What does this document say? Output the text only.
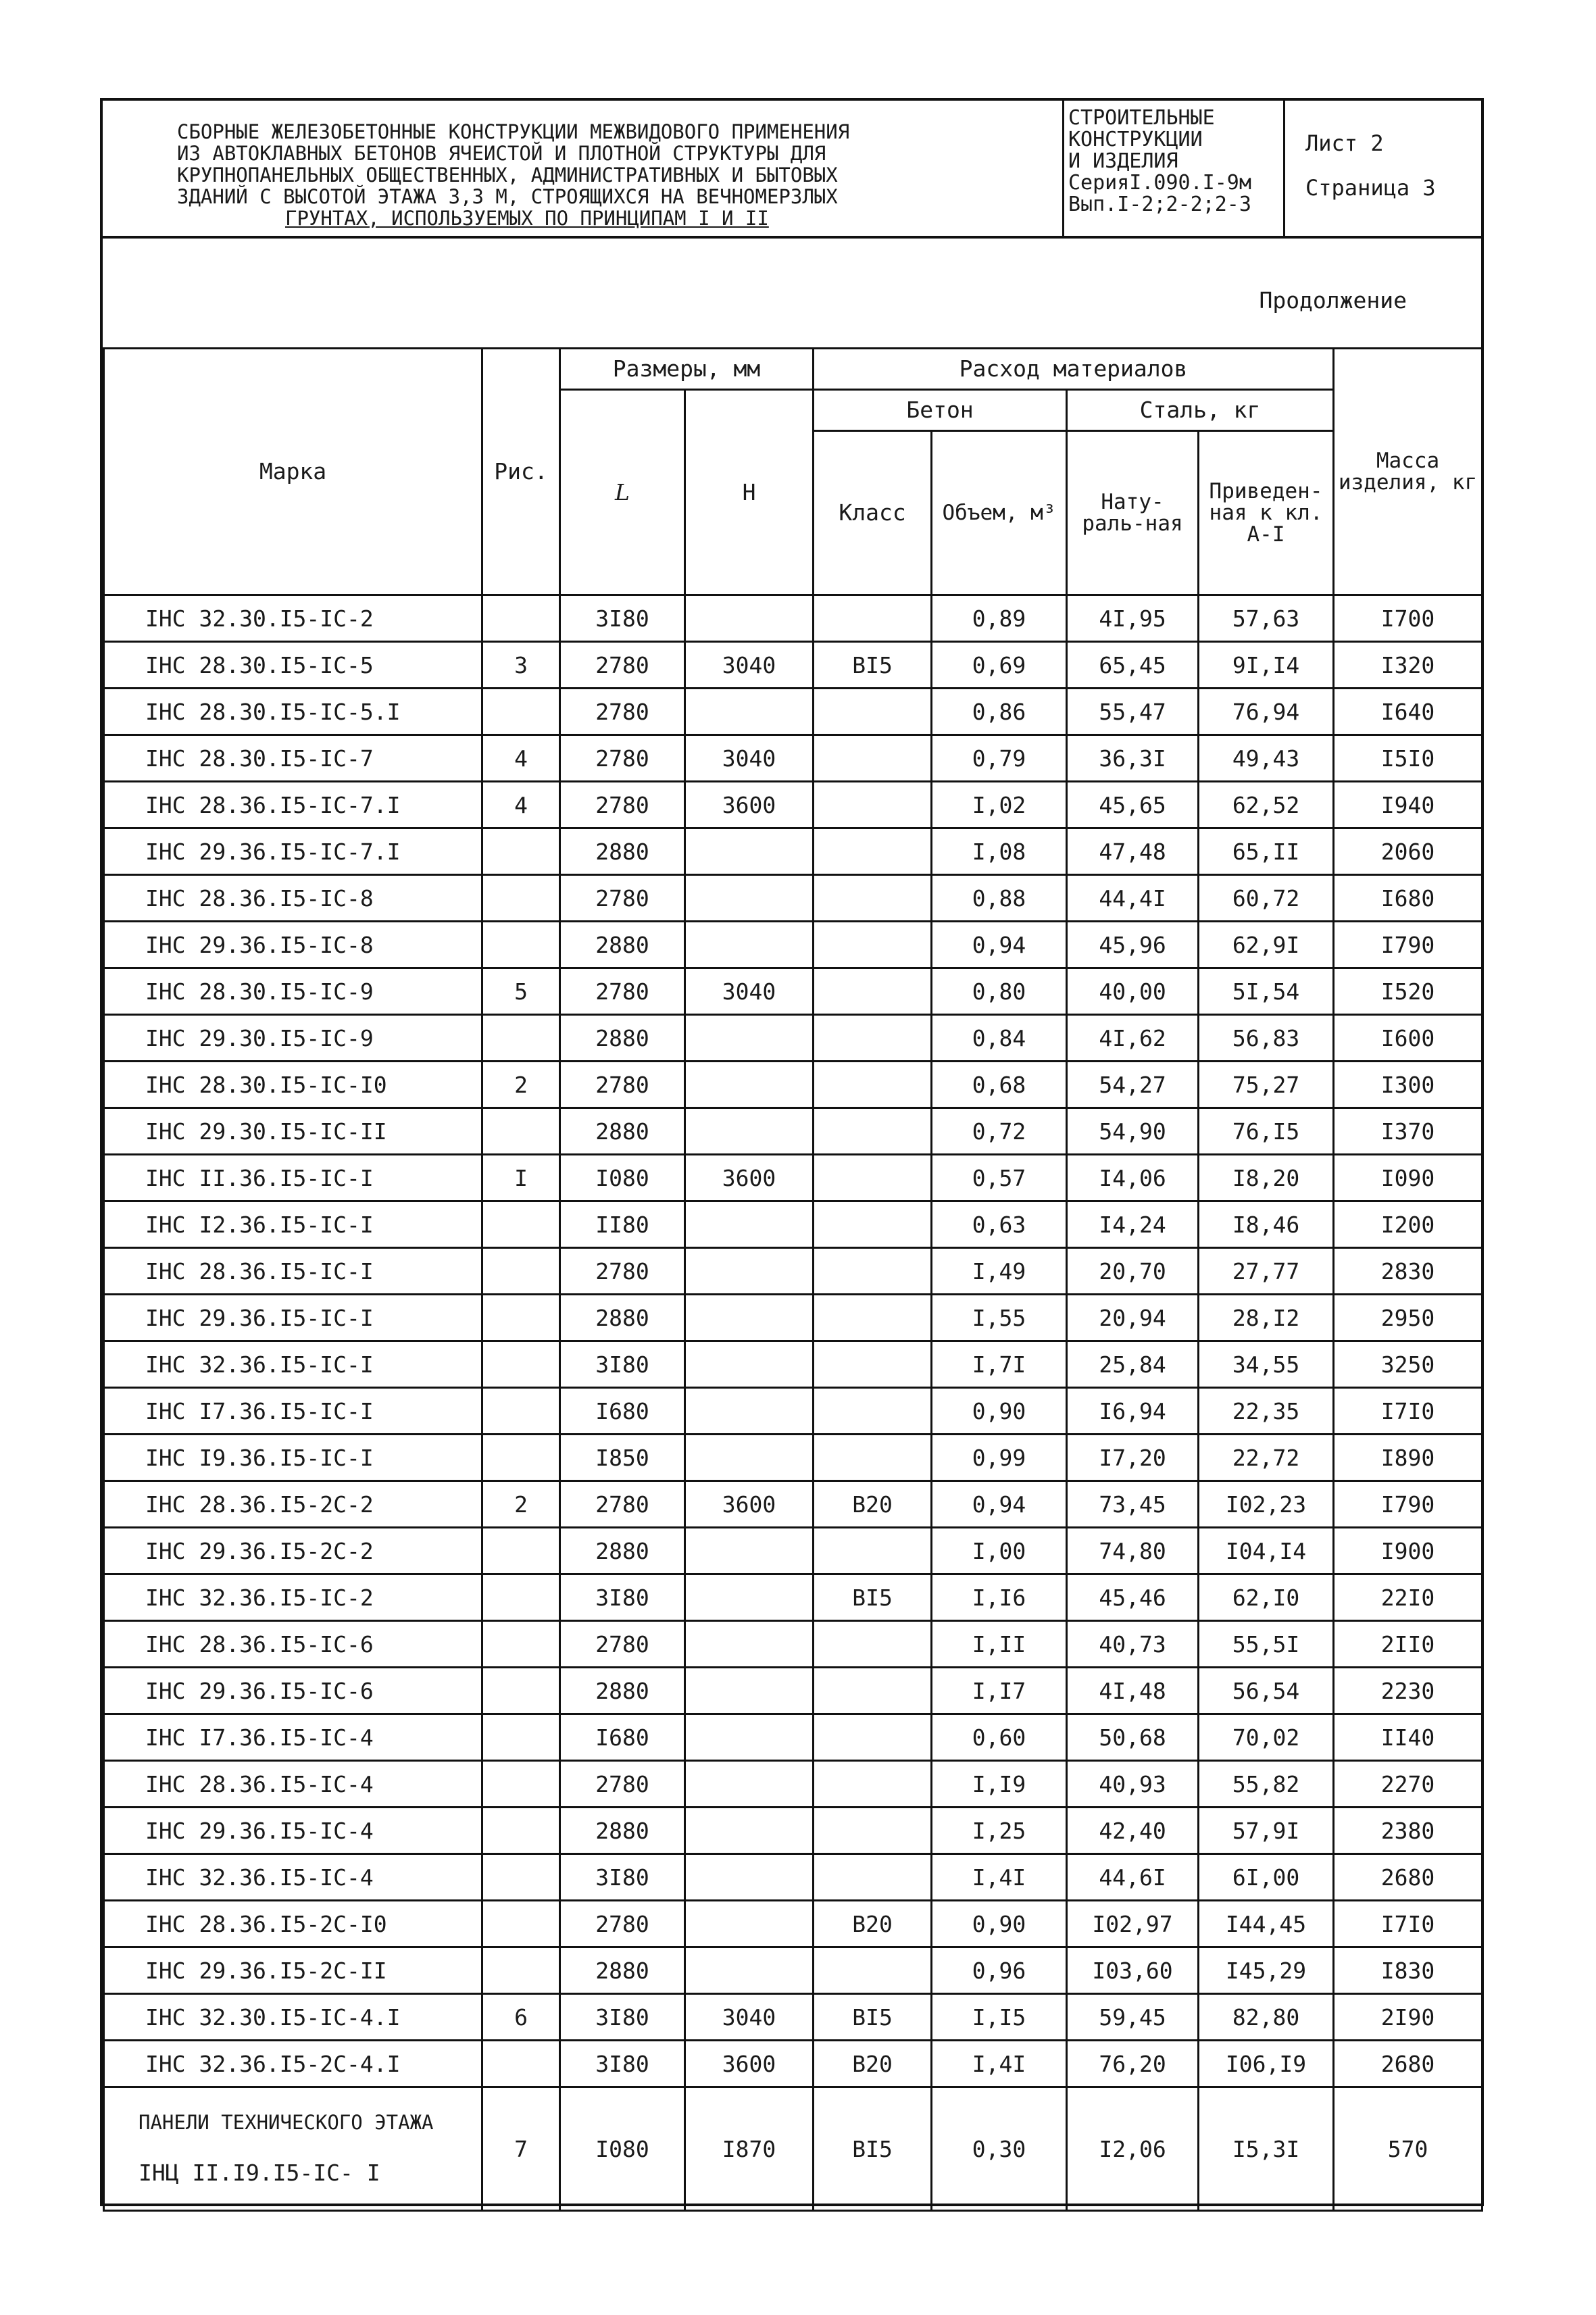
СБОРНЫЕ ЖЕЛЕЗОБЕТОННЫЕ КОНСТРУКЦИИ МЕЖВИДОВОГО ПРИМЕНЕНИЯ
ИЗ АВТОКЛАВНЫХ БЕТОНОВ ЯЧЕИСТОЙ И ПЛОТНОЙ СТРУКТУРЫ ДЛЯ
КРУПНОПАНЕЛЬНЫХ ОБЩЕСТВЕННЫХ, АДМИНИСТРАТИВНЫХ И БЫТОВЫХ
ЗДАНИЙ С ВЫСОТОЙ ЭТАЖА 3,3 М, СТРОЯЩИХСЯ НА ВЕЧНОМЕРЗЛЫХ
ГРУНТАХ, ИСПОЛЬЗУЕМЫХ ПО ПРИНЦИПАМ I И II
СТРОИТЕЛЬНЫЕ
КОНСТРУКЦИИ
И ИЗДЕЛИЯ
СерияI.090.I-9м
Вып.I-2;2-2;2-3
Лист 2
Страница 3
Продолжение
Марка	Рис.	Размеры, мм		Расход материалов				Масса изделия, кг
		L	H	Бетон		Сталь, кг		
				Класс	Объем, м³	Нату-раль-ная	Приведен-ная к кл. А-I	
IНС 32.30.I5-IC-2		3I80			0,89	4I,95	57,63	I700
IНС 28.30.I5-IC-5	3	2780	3040	BI5	0,69	65,45	9I,I4	I320
IНС 28.30.I5-IC-5.I		2780			0,86	55,47	76,94	I640
IНС 28.30.I5-IC-7	4	2780	3040		0,79	36,3I	49,43	I5I0
IНС 28.36.I5-IC-7.I	4	2780	3600		I,02	45,65	62,52	I940
IНС 29.36.I5-IC-7.I		2880			I,08	47,48	65,II	2060
IНС 28.36.I5-IC-8		2780			0,88	44,4I	60,72	I680
IНС 29.36.I5-IC-8		2880			0,94	45,96	62,9I	I790
IНС 28.30.I5-IC-9	5	2780	3040		0,80	40,00	5I,54	I520
IНС 29.30.I5-IC-9		2880			0,84	4I,62	56,83	I600
IНС 28.30.I5-IC-I0	2	2780			0,68	54,27	75,27	I300
IНС 29.30.I5-IC-II		2880			0,72	54,90	76,I5	I370
IНС II.36.I5-IC-I	I	I080	3600		0,57	I4,06	I8,20	I090
IНС I2.36.I5-IC-I		II80			0,63	I4,24	I8,46	I200
IНС 28.36.I5-IC-I		2780			I,49	20,70	27,77	2830
IНС 29.36.I5-IC-I		2880			I,55	20,94	28,I2	2950
IНС 32.36.I5-IC-I		3I80			I,7I	25,84	34,55	3250
IНС I7.36.I5-IC-I		I680			0,90	I6,94	22,35	I7I0
IНС I9.36.I5-IC-I		I850			0,99	I7,20	22,72	I890
IНС 28.36.I5-2C-2	2	2780	3600	B20	0,94	73,45	I02,23	I790
IНС 29.36.I5-2C-2		2880			I,00	74,80	I04,I4	I900
IНС 32.36.I5-IC-2		3I80		BI5	I,I6	45,46	62,I0	22I0
IНС 28.36.I5-IC-6		2780			I,II	40,73	55,5I	2II0
IНС 29.36.I5-IC-6		2880			I,I7	4I,48	56,54	2230
IНС I7.36.I5-IC-4		I680			0,60	50,68	70,02	II40
IНС 28.36.I5-IC-4		2780			I,I9	40,93	55,82	2270
IНС 29.36.I5-IC-4		2880			I,25	42,40	57,9I	2380
IНС 32.36.I5-IC-4		3I80			I,4I	44,6I	6I,00	2680
IНС 28.36.I5-2C-I0		2780		B20	0,90	I02,97	I44,45	I7I0
IНС 29.36.I5-2C-II		2880			0,96	I03,60	I45,29	I830
IНС 32.30.I5-IC-4.I	6	3I80	3040	BI5	I,I5	59,45	82,80	2I90
IНС 32.36.I5-2C-4.I		3I80	3600	B20	I,4I	76,20	I06,I9	2680

ПАНЕЛИ ТЕХНИЧЕСКОГО ЭТАЖА
IНЦ II.I9.I5-IC- I	7	I080	I870	BI5	0,30	I2,06	I5,3I	570
